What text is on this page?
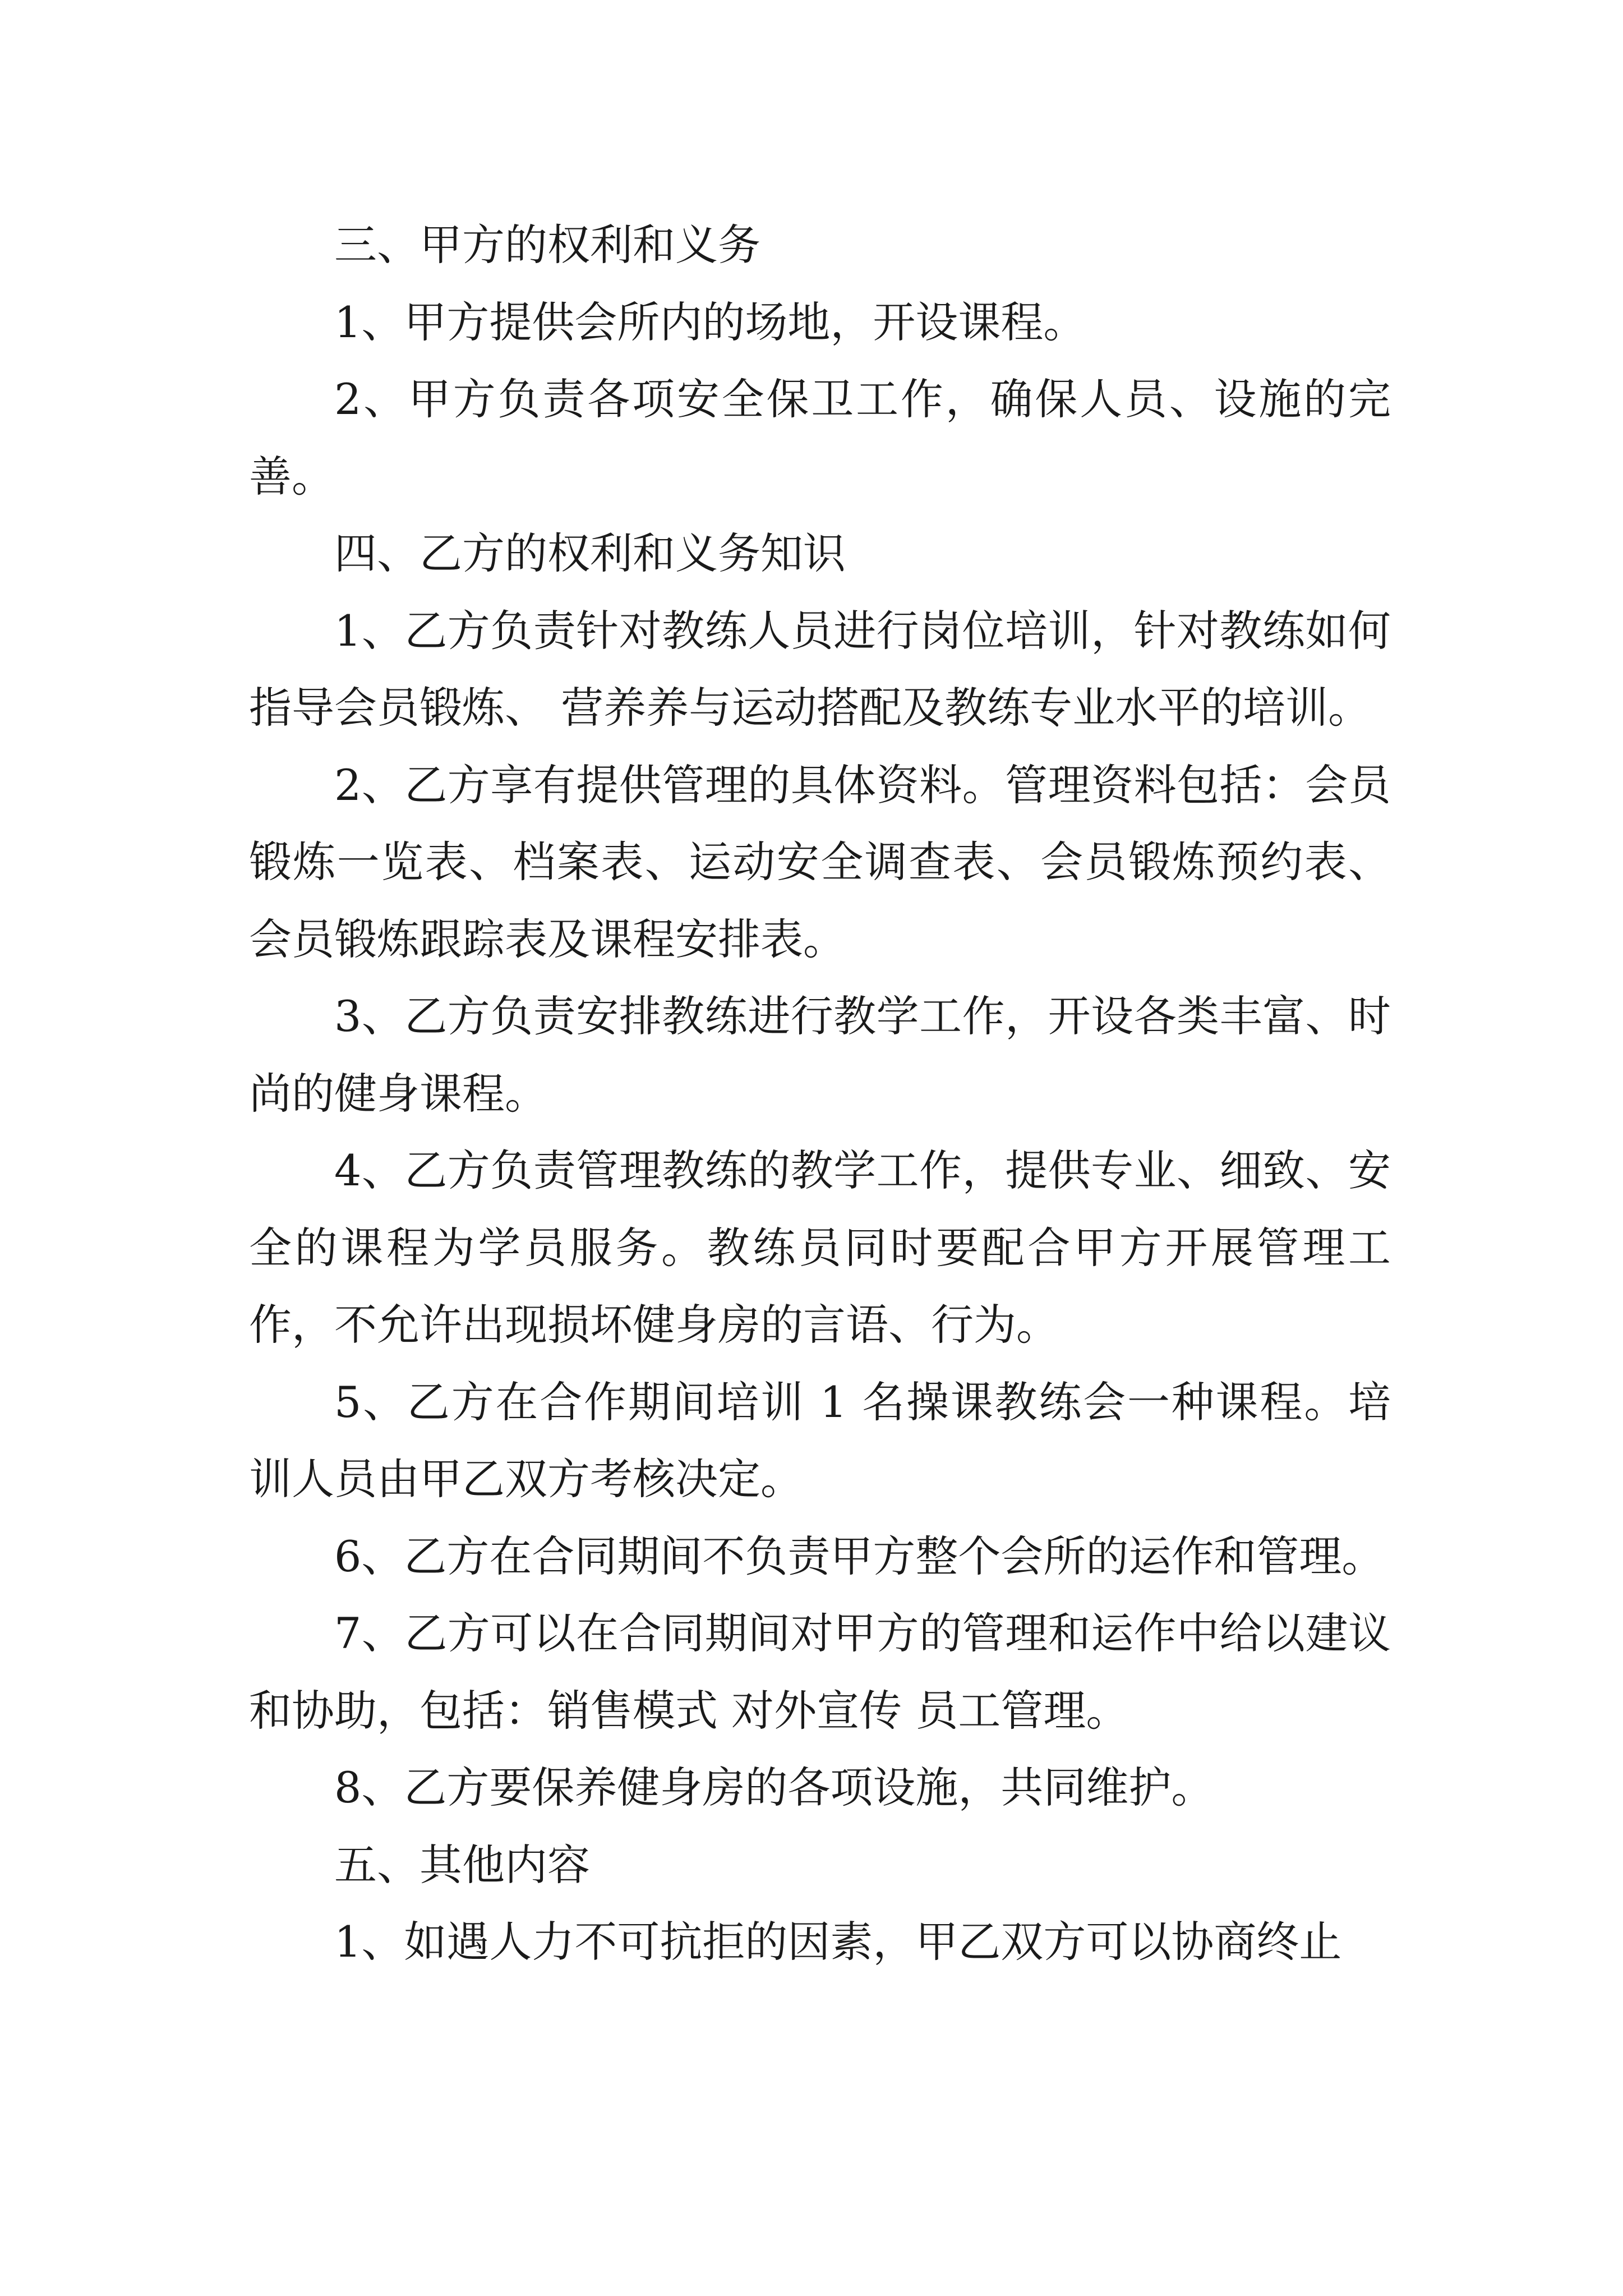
三、甲方的权利和义务

1、甲方提供会所内的场地，开设课程。

2、甲方负责各项安全保卫工作，确保人员、设施的完善。

四、乙方的权利和义务知识

1、乙方负责针对教练人员进行岗位培训，针对教练如何指导会员锻炼、 营养养与运动搭配及教练专业水平的培训。

2、乙方享有提供管理的具体资料。管理资料包括：会员锻炼一览表、档案表、运动安全调查表、会员锻炼预约表、会员锻炼跟踪表及课程安排表。

3、乙方负责安排教练进行教学工作，开设各类丰富、时尚的健身课程。

4、乙方负责管理教练的教学工作，提供专业、细致、安全的课程为学员服务。教练员同时要配合甲方开展管理工作，不允许出现损坏健身房的言语、行为。

5、乙方在合作期间培训 1 名操课教练会一种课程。培训人员由甲乙双方考核决定。

6、乙方在合同期间不负责甲方整个会所的运作和管理。

7、乙方可以在合同期间对甲方的管理和运作中给以建议和协助，包括：销售模式 对外宣传 员工管理。

8、乙方要保养健身房的各项设施，共同维护。

五、其他内容

1、如遇人力不可抗拒的因素，甲乙双方可以协商终止
